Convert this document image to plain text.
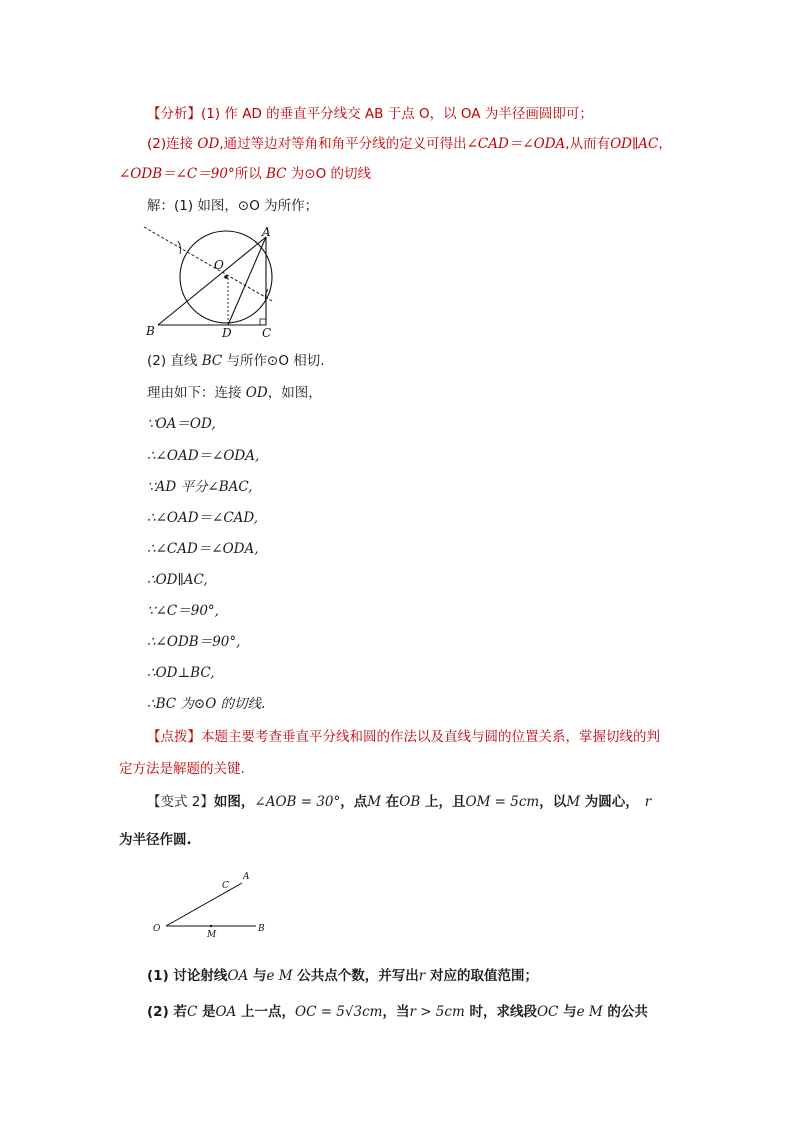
【分析】(1) 作 AD 的垂直平分线交 AB 于点 O，以 OA 为半径画圆即可；
(2)连接 OD,通过等边对等角和角平分线的定义可得出∠CAD＝∠ODA,从而有OD∥AC，
∠ODB＝∠C＝90°所以 BC 为⊙O 的切线
解：(1) 如图，⊙O 为所作；
A
O
B	D	C
(2) 直线 BC 与所作⊙O 相切.
理由如下：连接 OD，如图，
∵OA＝OD,
∴∠OAD＝∠ODA,
∵AD 平分∠BAC,
∴∠OAD＝∠CAD,
∴∠CAD＝∠ODA,
∴OD∥AC,
∵∠C＝90°,
∴∠ODB＝90°,
∴OD⊥BC,
∴BC 为⊙O 的切线.
【点拨】本题主要考查垂直平分线和圆的作法以及直线与圆的位置关系，掌握切线的判
定方法是解题的关键.
【变式 2】如图，∠AOB = 30°，点M 在OB 上，且OM = 5cm，以M 为圆心， r
为半径作圆.
O
M
B
C
A
(1) 讨论射线OA 与e M 公共点个数，并写出r 对应的取值范围；
(2) 若C 是OA 上一点，OC = 5√3cm，当r > 5cm 时，求线段OC 与e M 的公共
